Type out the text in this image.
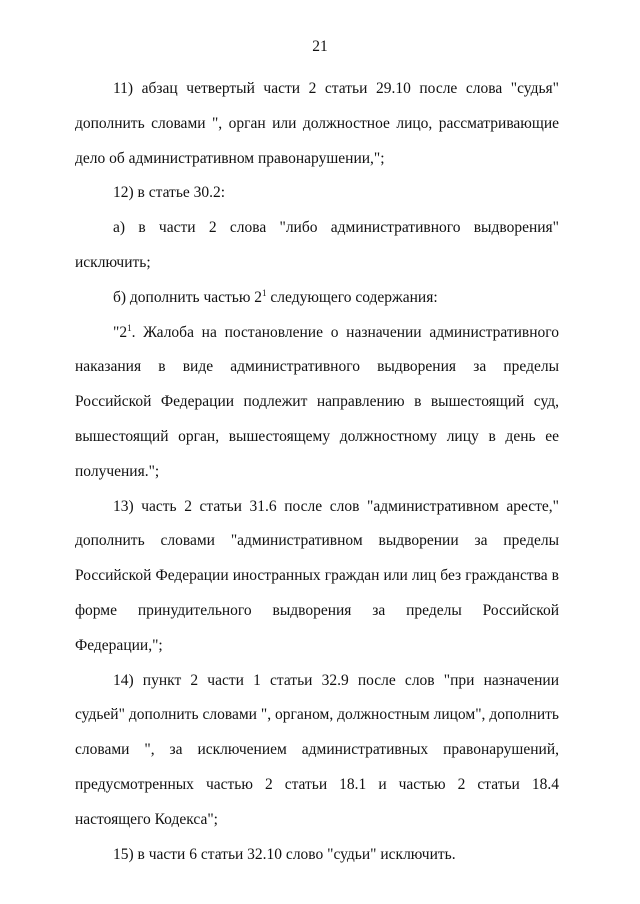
21

11) абзац четвертый части 2 статьи 29.10 после слова "судья" дополнить словами ", орган или должностное лицо, рассматривающие дело об административном правонарушении,";

12) в статье 30.2:

а) в части 2 слова "либо административного выдворения" исключить;

б) дополнить частью $2^1$ следующего содержания:

"$2^1$. Жалоба на постановление о назначении административного наказания в виде административного выдворения за пределы Российской Федерации подлежит направлению в вышестоящий суд, вышестоящий орган, вышестоящему должностному лицу в день ее получения.";

13) часть 2 статьи 31.6 после слов "административном аресте," дополнить словами "административном выдворении за пределы Российской Федерации иностранных граждан или лиц без гражданства в форме принудительного выдворения за пределы Российской Федерации,";

14) пункт 2 части 1 статьи 32.9 после слов "при назначении судьей" дополнить словами ", органом, должностным лицом", дополнить словами ", за исключением административных правонарушений, предусмотренных частью 2 статьи 18.1 и частью 2 статьи 18.4 настоящего Кодекса";

15) в части 6 статьи 32.10 слово "судьи" исключить.
